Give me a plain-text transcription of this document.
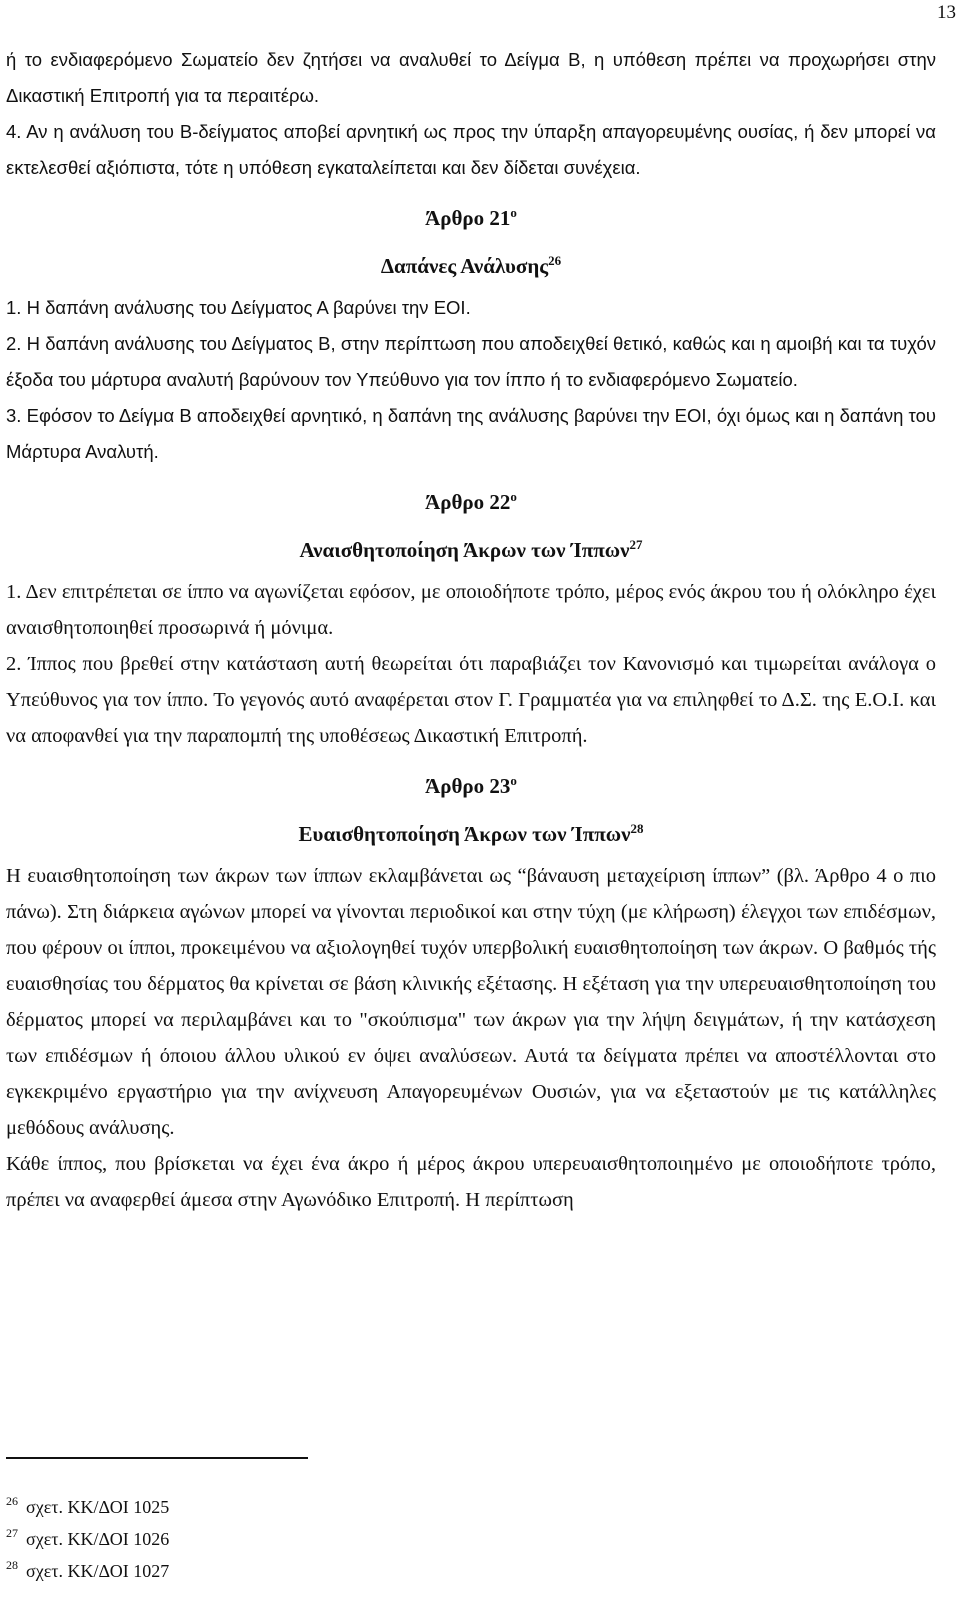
13

ή το ενδιαφερόμενο Σωματείο δεν ζητήσει να αναλυθεί το Δείγμα Β, η υπόθεση πρέπει να προχωρήσει στην Δικαστική Επιτροπή για τα περαιτέρω.

4. Αν η ανάλυση του Β-δείγματος αποβεί αρνητική ως προς την ύπαρξη απαγορευμένης ουσίας, ή δεν μπορεί να εκτελεσθεί αξιόπιστα, τότε η υπόθεση εγκαταλείπεται και δεν δίδεται συνέχεια.

Άρθρο $21^o$
Δαπάνες Ανάλυσης$^{26}$

1. Η δαπάνη ανάλυσης του Δείγματος Α βαρύνει την ΕΟΙ.

2. Η δαπάνη ανάλυσης του Δείγματος Β, στην περίπτωση που αποδειχθεί θετικό, καθώς και η αμοιβή και τα τυχόν έξοδα του μάρτυρα αναλυτή βαρύνουν τον Υπεύθυνο για τον ίππο ή το ενδιαφερόμενο Σωματείο.

3. Εφόσον το Δείγμα Β αποδειχθεί αρνητικό, η δαπάνη της ανάλυσης βαρύνει την ΕΟΙ, όχι όμως και η δαπάνη του Μάρτυρα Αναλυτή.

Άρθρο $22^o$
Αναισθητοποίηση Άκρων των Ίππων$^{27}$

1. Δεν επιτρέπεται σε ίππο να αγωνίζεται εφόσον, με οποιοδήποτε τρόπο, μέρος ενός άκρου του ή ολόκληρο έχει αναισθητοποιηθεί προσωρινά ή μόνιμα.

2. Ίππος που βρεθεί στην κατάσταση αυτή θεωρείται ότι παραβιάζει τον Κανονισμό και τιμωρείται ανάλογα ο Υπεύθυνος για τον ίππο. Το γεγονός αυτό αναφέρεται στον Γ. Γραμματέα για να επιληφθεί το Δ.Σ. της Ε.Ο.Ι. και να αποφανθεί για την παραπομπή της υποθέσεως Δικαστική Επιτροπή.

Άρθρο $23^o$
Ευαισθητοποίηση Άκρων των Ίππων$^{28}$

Η ευαισθητοποίηση των άκρων των ίππων εκλαμβάνεται ως “βάναυση μεταχείριση ίππων” (βλ. Άρθρο 4 ο πιο πάνω). Στη διάρκεια αγώνων μπορεί να γίνονται περιοδικοί και στην τύχη (με κλήρωση) έλεγχοι των επιδέσμων, που φέρουν οι ίπποι, προκειμένου να αξιολογηθεί τυχόν υπερβολική ευαισθητοποίηση των άκρων. Ο βαθμός τής ευαισθησίας του δέρματος θα κρίνεται σε βάση κλινικής εξέτασης. Η εξέταση για την υπερευαισθητοποίηση του δέρματος μπορεί να περιλαμβάνει και το "σκούπισμα" των άκρων για την λήψη δειγμάτων, ή την κατάσχεση των επιδέσμων ή όποιου άλλου υλικού εν όψει αναλύσεων. Αυτά τα δείγματα πρέπει να αποστέλλονται στο εγκεκριμένο εργαστήριο για την ανίχνευση Απαγορευμένων Ουσιών, για να εξεταστούν με τις κατάλληλες μεθόδους ανάλυσης.

Κάθε ίππος, που βρίσκεται να έχει ένα άκρο ή μέρος άκρου υπερευαισθητοποιημένο με οποιοδήποτε τρόπο, πρέπει να αναφερθεί άμεσα στην Αγωνόδικο Επιτροπή. Η περίπτωση

$^{26}$ σχετ. ΚΚ/ΔΟΙ 1025
$^{27}$ σχετ. ΚΚ/ΔΟΙ 1026
$^{28}$ σχετ. ΚΚ/ΔΟΙ 1027
